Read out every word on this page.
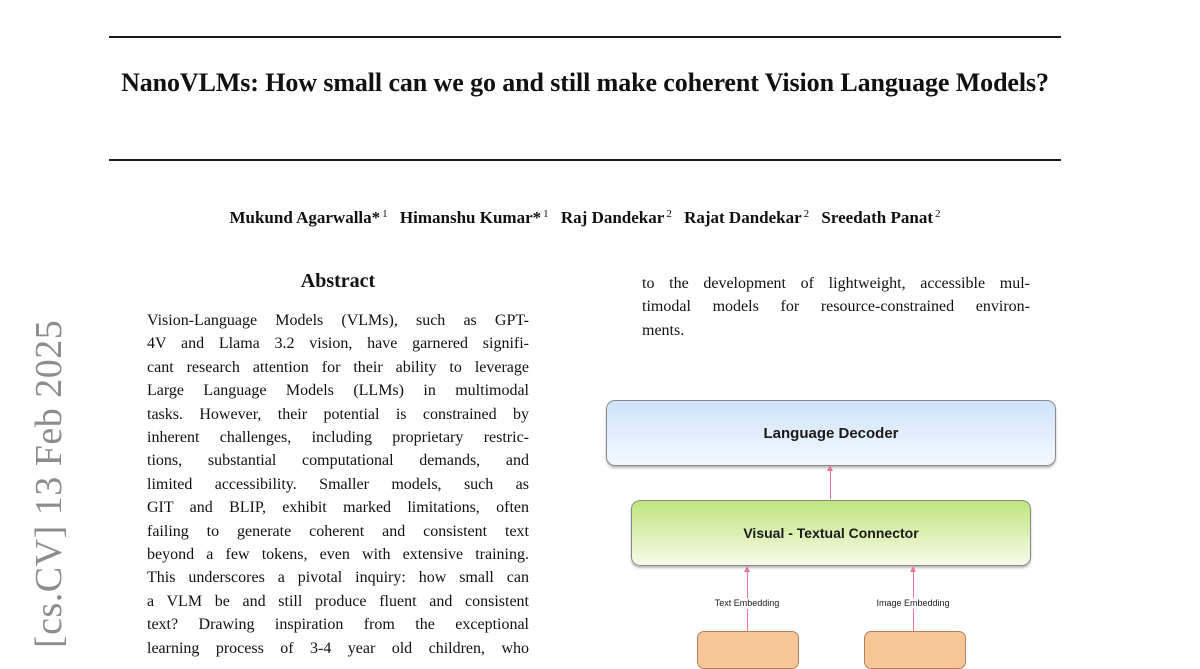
NanoVLMs: How small can we go and still make coherent Vision Language Models?
Mukund Agarwalla* $^1$ Himanshu Kumar* $^1$ Raj Dandekar $^2$ Rajat Dandekar $^2$ Sreedath Panat $^2$
[cs.CV] 13 Feb 2025
Abstract
Vision-Language Models (VLMs), such as GPT-
4V and Llama 3.2 vision, have garnered signifi-
cant research attention for their ability to leverage
Large Language Models (LLMs) in multimodal
tasks. However, their potential is constrained by
inherent challenges, including proprietary restric-
tions, substantial computational demands, and
limited accessibility. Smaller models, such as
GIT and BLIP, exhibit marked limitations, often
failing to generate coherent and consistent text
beyond a few tokens, even with extensive training.
This underscores a pivotal inquiry: how small can
a VLM be and still produce fluent and consistent
text? Drawing inspiration from the exceptional
learning process of 3-4 year old children, who
to the development of lightweight, accessible mul-
timodal models for resource-constrained environ-
ments.
Language Decoder
Visual - Textual Connector
Text Embedding	Image Embedding
